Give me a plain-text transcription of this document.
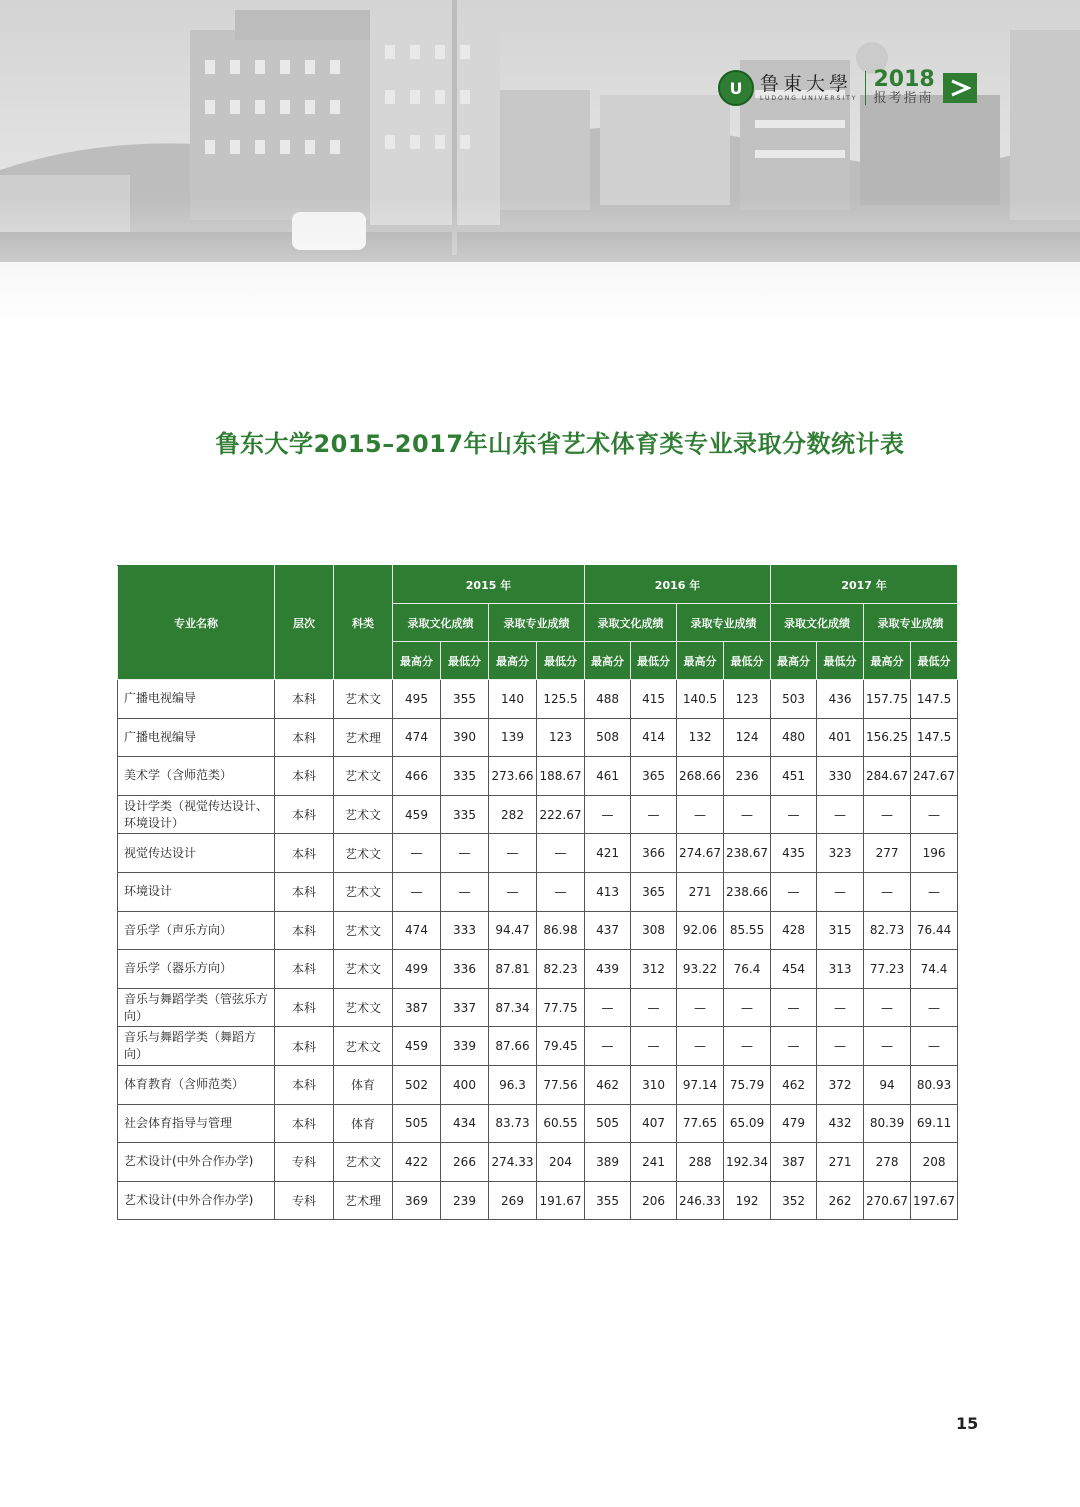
U 鲁東大學
LUDONG UNIVERSITY
2018
报考指南
鲁东大学2015–2017年山东省艺术体育类专业录取分数统计表
专业名称	层次	科类	2015 年				2016 年				2017 年			
			录取文化成绩		录取专业成绩		录取文化成绩		录取专业成绩		录取文化成绩		录取专业成绩	
			最高分	最低分	最高分	最低分	最高分	最低分	最高分	最低分	最高分	最低分	最高分	最低分
广播电视编导	本科	艺术文	495	355	140	125.5	488	415	140.5	123	503	436	157.75	147.5
广播电视编导	本科	艺术理	474	390	139	123	508	414	132	124	480	401	156.25	147.5
美术学（含师范类）	本科	艺术文	466	335	273.66	188.67	461	365	268.66	236	451	330	284.67	247.67
设计学类（视觉传达设计、环境设计）	本科	艺术文	459	335	282	222.67	—	—	—	—	—	—	—	—
视觉传达设计	本科	艺术文	—	—	—	—	421	366	274.67	238.67	435	323	277	196
环境设计	本科	艺术文	—	—	—	—	413	365	271	238.66	—	—	—	—
音乐学（声乐方向）	本科	艺术文	474	333	94.47	86.98	437	308	92.06	85.55	428	315	82.73	76.44
音乐学（器乐方向）	本科	艺术文	499	336	87.81	82.23	439	312	93.22	76.4	454	313	77.23	74.4
音乐与舞蹈学类（管弦乐方向）	本科	艺术文	387	337	87.34	77.75	—	—	—	—	—	—	—	—
音乐与舞蹈学类（舞蹈方向）	本科	艺术文	459	339	87.66	79.45	—	—	—	—	—	—	—	—
体育教育（含师范类）	本科	体育	502	400	96.3	77.56	462	310	97.14	75.79	462	372	94	80.93
社会体育指导与管理	本科	体育	505	434	83.73	60.55	505	407	77.65	65.09	479	432	80.39	69.11
艺术设计(中外合作办学)	专科	艺术文	422	266	274.33	204	389	241	288	192.34	387	271	278	208
艺术设计(中外合作办学)	专科	艺术理	369	239	269	191.67	355	206	246.33	192	352	262	270.67	197.67
15
